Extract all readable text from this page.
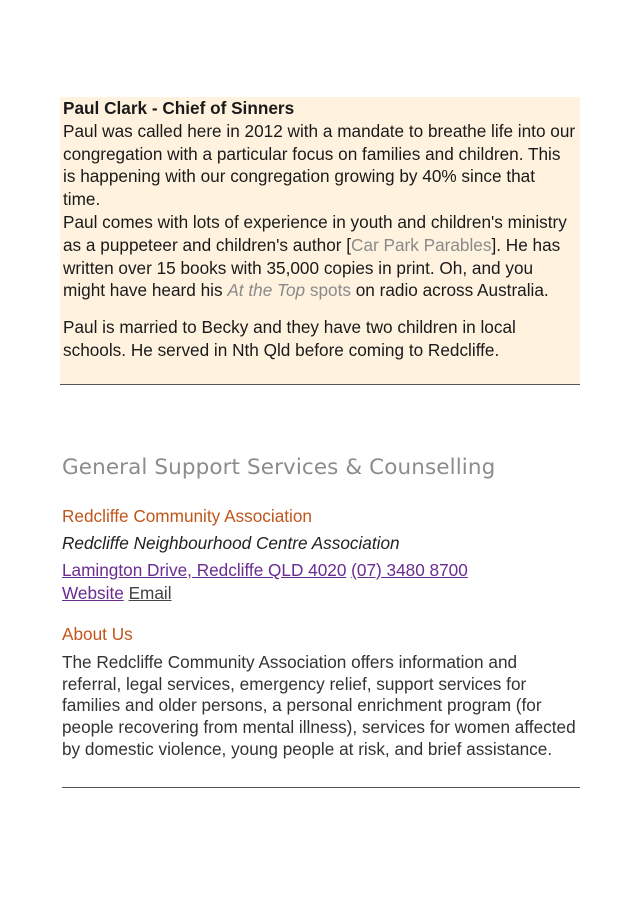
Paul Clark - Chief of Sinners

Paul was called here in 2012 with a mandate to breathe life into our congregation with a particular focus on families and children. This is happening with our congregation growing by 40% since that time.

Paul comes with lots of experience in youth and children's ministry as a puppeteer and children's author [Car Park Parables]. He has written over 15 books with 35,000 copies in print. Oh, and you might have heard his At the Top spots on radio across Australia.

Paul is married to Becky and they have two children in local schools. He served in Nth Qld before coming to Redcliffe.

General Support Services & Counselling

Redcliffe Community Association

Redcliffe Neighbourhood Centre Association

Lamington Drive, Redcliffe QLD 4020 (07) 3480 8700
Website Email

About Us

The Redcliffe Community Association offers information and referral, legal services, emergency relief, support services for families and older persons, a personal enrichment program (for people recovering from mental illness), services for women affected by domestic violence, young people at risk, and brief assistance.
